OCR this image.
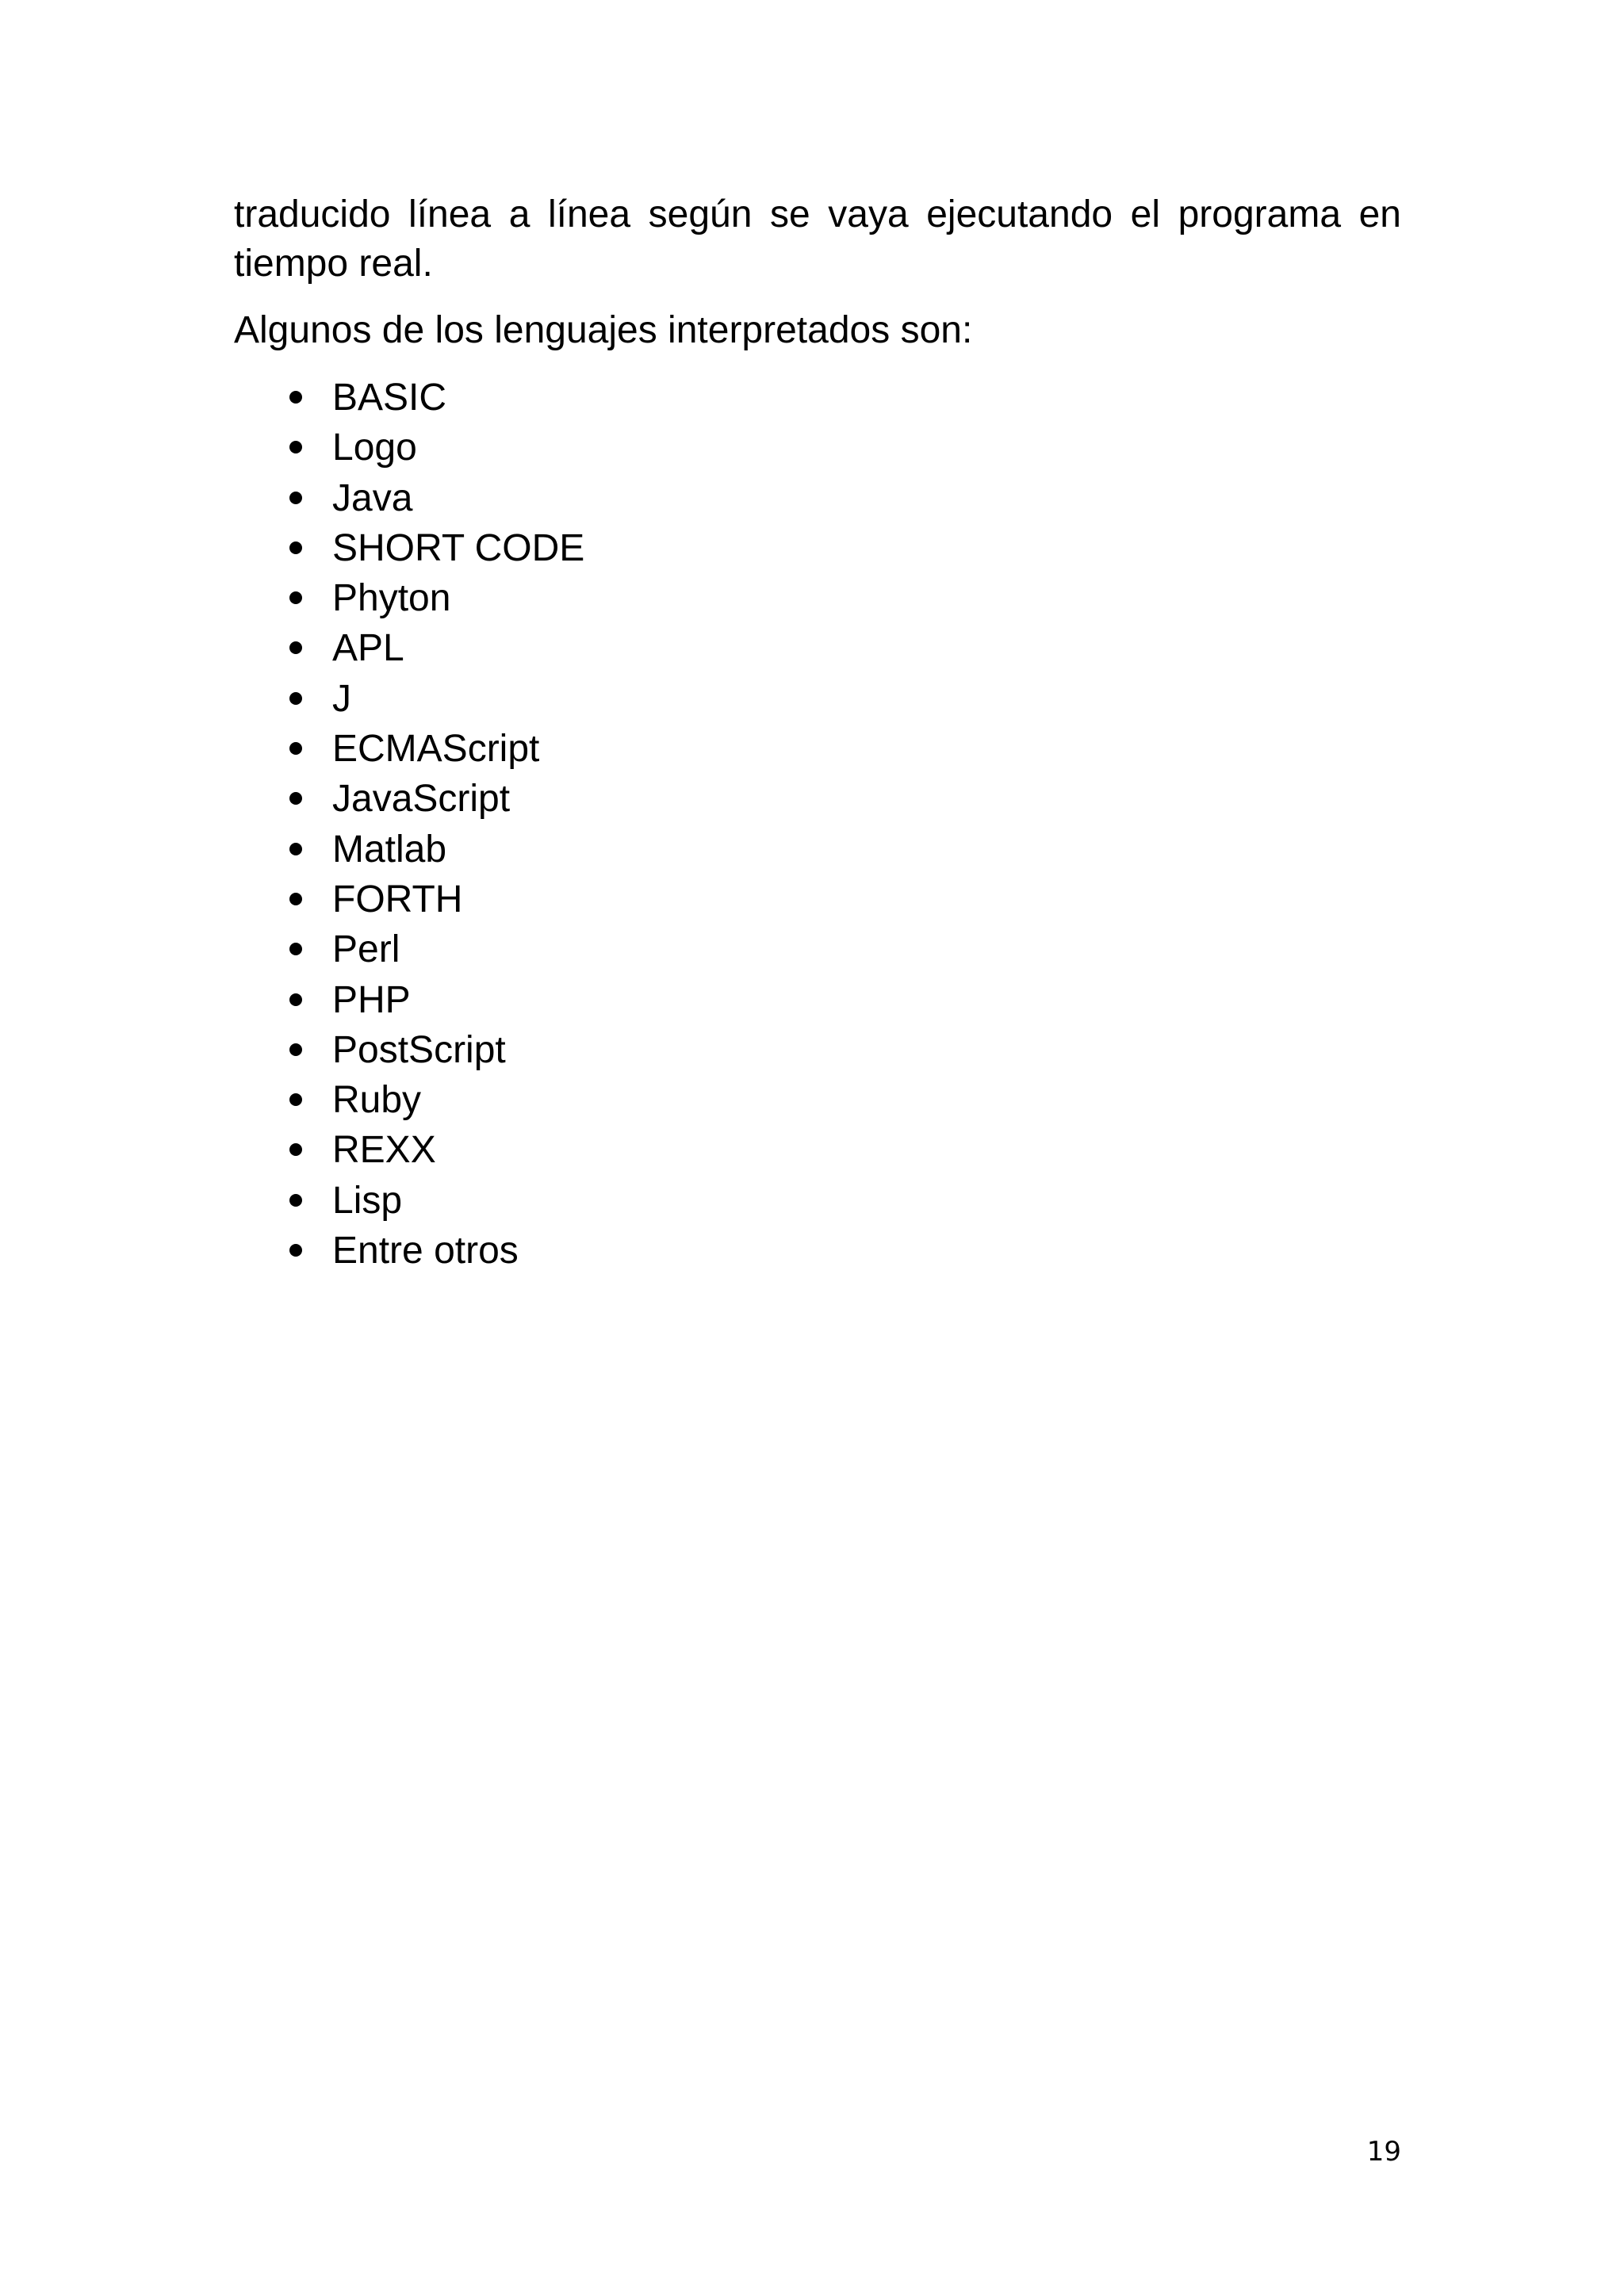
traducido línea a línea según se vaya ejecutando el programa en tiempo real.

Algunos de los lenguajes interpretados son:

BASIC
Logo
Java
SHORT CODE
Phyton
APL
J
ECMAScript
JavaScript
Matlab
FORTH
Perl
PHP
PostScript
Ruby
REXX
Lisp
Entre otros
19
